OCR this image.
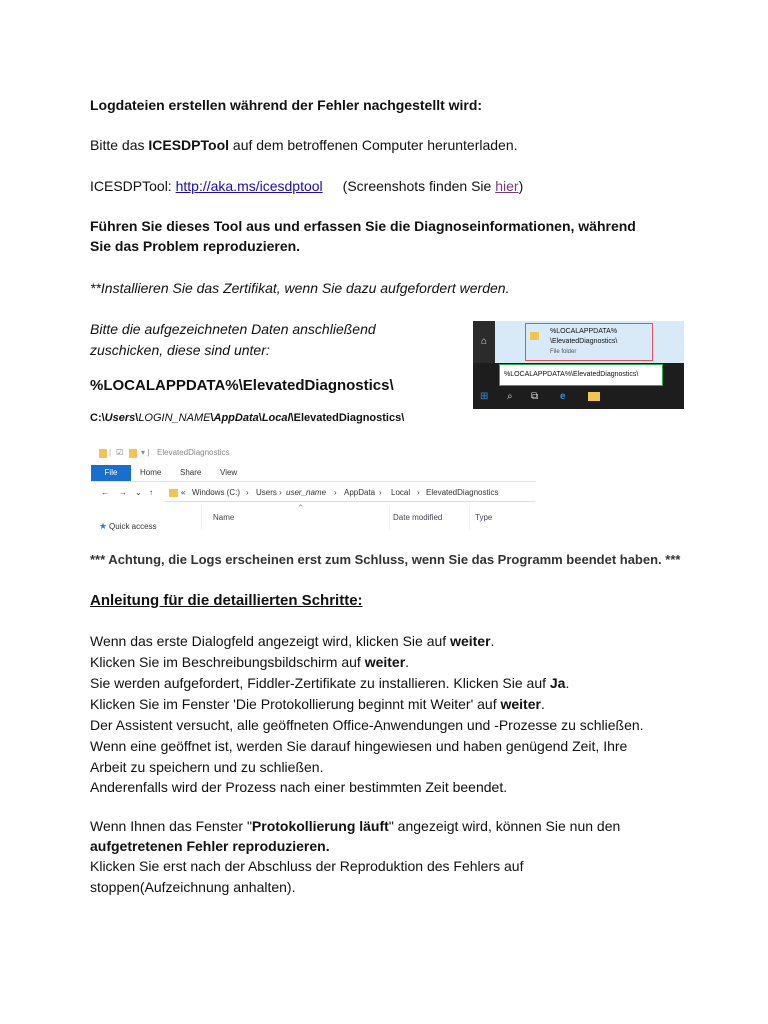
Logdateien erstellen während der Fehler nachgestellt wird:
Bitte das ICESDPTool auf dem betroffenen Computer herunterladen.
ICESDPTool: http://aka.ms/icesdptool (Screenshots finden Sie hier)
Führen Sie dieses Tool aus und erfassen Sie die Diagnoseinformationen, während
Sie das Problem reproduzieren.
**Installieren Sie das Zertifikat, wenn Sie dazu aufgefordert werden.
Bitte die aufgezeichneten Daten anschließend
zuschicken, diese sind unter:
%LOCALAPPDATA%\ElevatedDiagnostics\
C:\Users\LOGIN_NAME\AppData\Local\ElevatedDiagnostics\
⌂
%LOCALAPPDATA%
\ElevatedDiagnostics\
File folder
%LOCALAPPDATA%\ElevatedDiagnostics\
⊞ ⌕ ⧉ e
| ☑ ▾ | ElevatedDiagnostics
File	Home Share View
← → ⌄ ↑	« Windows (C:) › Users › user_name › AppData › Local › ElevatedDiagnostics
⌃
Name	Date modified	Type
★ Quick access
*** Achtung, die Logs erscheinen erst zum Schluss, wenn Sie das Programm beendet haben. ***
Anleitung für die detaillierten Schritte:
Wenn das erste Dialogfeld angezeigt wird, klicken Sie auf weiter.
Klicken Sie im Beschreibungsbildschirm auf weiter.
Sie werden aufgefordert, Fiddler-Zertifikate zu installieren. Klicken Sie auf Ja.
Klicken Sie im Fenster 'Die Protokollierung beginnt mit Weiter' auf weiter.
Der Assistent versucht, alle geöffneten Office-Anwendungen und -Prozesse zu schließen.
Wenn eine geöffnet ist, werden Sie darauf hingewiesen und haben genügend Zeit, Ihre
Arbeit zu speichern und zu schließen.
Anderenfalls wird der Prozess nach einer bestimmten Zeit beendet.
Wenn Ihnen das Fenster "Protokollierung läuft" angezeigt wird, können Sie nun den
aufgetretenen Fehler reproduzieren.
Klicken Sie erst nach der Abschluss der Reproduktion des Fehlers auf
stoppen(Aufzeichnung anhalten).
